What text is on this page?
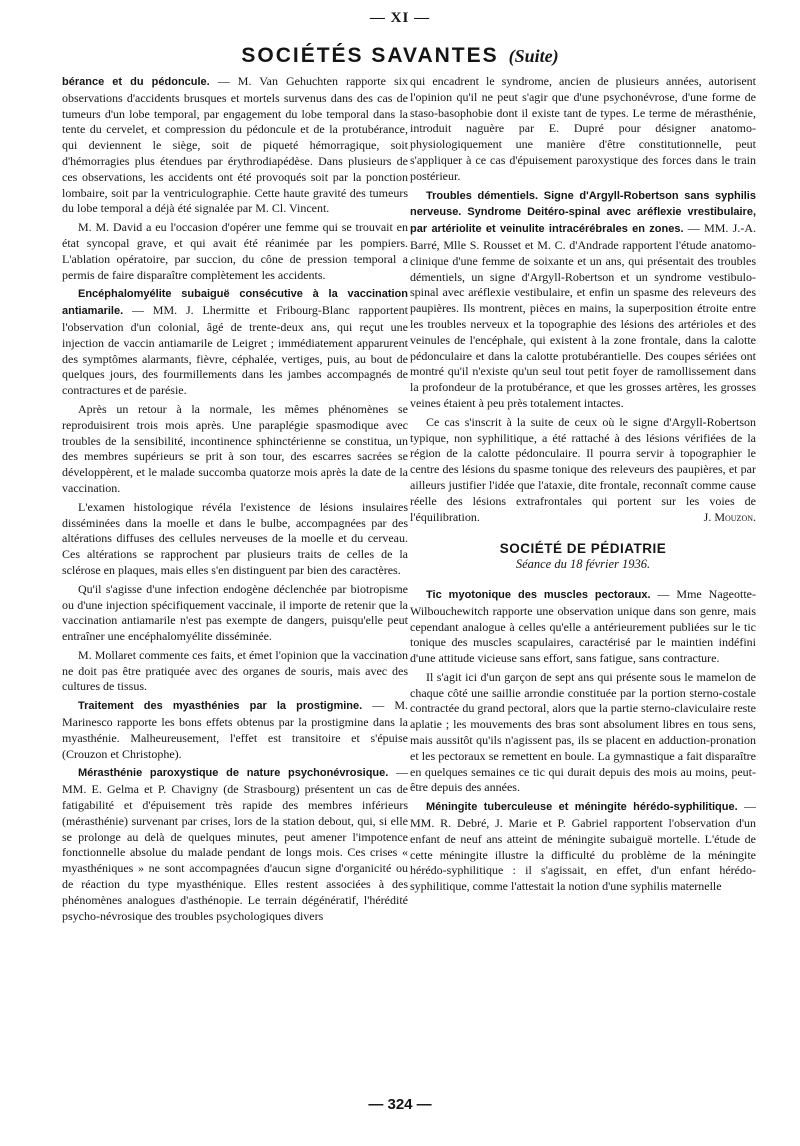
— XI —
SOCIÉTÉS SAVANTES (Suite)

bérance et du pédoncule. — M. Van Gehuchten rapporte six observations d'accidents brusques et mortels survenus dans des cas de tumeurs d'un lobe temporal, par engagement du lobe temporal dans la tente du cervelet, et compression du pédoncule et de la protubérance, qui deviennent le siège, soit de piqueté hémorragique, soit d'hémorragies plus étendues par érythrodiapédèse. Dans plusieurs de ces observations, les accidents ont été provoqués soit par la ponction lombaire, soit par la ventriculographie. Cette haute gravité des tumeurs du lobe temporal a déjà été signalée par M. Cl. Vincent.

M. M. David a eu l'occasion d'opérer une femme qui se trouvait en état syncopal grave, et qui avait été réanimée par les pompiers. L'ablation opératoire, par succion, du cône de pression temporal a permis de faire disparaître complètement les accidents.

Encéphalomyélite subaiguë consécutive à la vaccination antiamarile. — MM. J. Lhermitte et Fribourg-Blanc rapportent l'observation d'un colonial, âgé de trente-deux ans, qui reçut une injection de vaccin antiamarile de Leigret ; immédiatement apparurent des symptômes alarmants, fièvre, céphalée, vertiges, puis, au bout de quelques jours, des fourmillements dans les jambes accompagnés de contractures et de parésie.

Après un retour à la normale, les mêmes phénomènes se reproduisirent trois mois après. Une paraplégie spasmodique avec troubles de la sensibilité, incontinence sphinctérienne se constitua, un des membres supérieurs se prit à son tour, des escarres sacrées se développèrent, et le malade succomba quatorze mois après la date de la vaccination.

L'examen histologique révéla l'existence de lésions insulaires disséminées dans la moelle et dans le bulbe, accompagnées par des altérations diffuses des cellules nerveuses de la moelle et du cerveau. Ces altérations se rapprochent par plusieurs traits de celles de la sclérose en plaques, mais elles s'en distinguent par bien des caractères.

Qu'il s'agisse d'une infection endogène déclenchée par biotropisme ou d'une injection spécifiquement vaccinale, il importe de retenir que la vaccination antiamarile n'est pas exempte de dangers, puisqu'elle peut entraîner une encéphalomyélite disséminée.

M. Mollaret commente ces faits, et émet l'opinion que la vaccination ne doit pas être pratiquée avec des organes de souris, mais avec des cultures de tissus.

Traitement des myasthénies par la prostigmine. — M. Marinesco rapporte les bons effets obtenus par la prostigmine dans la myasthénie. Malheureusement, l'effet est transitoire et s'épuise (Crouzon et Christophe).

Mérasthénie paroxystique de nature psychonévrosique. — MM. E. Gelma et P. Chavigny (de Strasbourg) présentent un cas de fatigabilité et d'épuisement très rapide des membres inférieurs (mérasthénie) survenant par crises, lors de la station debout, qui, si elle se prolonge au delà de quelques minutes, peut amener l'impotence fonctionnelle absolue du malade pendant de longs mois. Ces crises « myasthéniques » ne sont accompagnées d'aucun signe d'organicité ou de réaction du type myasthénique. Elles restent associées à des phénomènes analogues d'asthénopie. Le terrain dégénératif, l'hérédité psycho-névrosique des troubles psychologiques divers

qui encadrent le syndrome, ancien de plusieurs années, autorisent l'opinion qu'il ne peut s'agir que d'une psychonévrose, d'une forme de staso-basophobie dont il existe tant de types. Le terme de mérasthénie, introduit naguère par E. Dupré pour désigner anatomo-physiologiquement une manière d'être constitutionnelle, peut s'appliquer à ce cas d'épuisement paroxystique des forces dans le train postérieur.

Troubles démentiels. Signe d'Argyll-Robertson sans syphilis nerveuse. Syndrome Deitéro-spinal avec aréflexie vrestibulaire, par artériolite et veinulite intracérébrales en zones. — MM. J.-A. Barré, Mlle S. Rousset et M. C. d'Andrade rapportent l'étude anatomo-clinique d'une femme de soixante et un ans, qui présentait des troubles démentiels, un signe d'Argyll-Robertson et un syndrome vestibulo-spinal avec aréflexie vestibulaire, et enfin un spasme des releveurs des paupières. Ils montrent, pièces en mains, la superposition étroite entre les troubles nerveux et la topographie des lésions des artérioles et des veinules de l'encéphale, qui existent à la zone frontale, dans la calotte pédonculaire et dans la calotte protubérantielle. Des coupes sériées ont montré qu'il n'existe qu'un seul tout petit foyer de ramollissement dans la profondeur de la protubérance, et que les grosses artères, les grosses veines étaient à peu près totalement intactes.

Ce cas s'inscrit à la suite de ceux où le signe d'Argyll-Robertson typique, non syphilitique, a été rattaché à des lésions vérifiées de la région de la calotte pédonculaire. Il pourra servir à topographier le centre des lésions du spasme tonique des releveurs des paupières, et par ailleurs justifier l'idée que l'ataxie, dite frontale, reconnaît comme cause réelle des lésions extrafrontales qui portent sur les voies de l'équilibration.	J. Mouzon.

SOCIÉTÉ DE PÉDIATRIE
Séance du 18 février 1936.

Tic myotonique des muscles pectoraux. — Mme Nageotte-Wilbouchewitch rapporte une observation unique dans son genre, mais cependant analogue à celles qu'elle a antérieurement publiées sur le tic tonique des muscles scapulaires, caractérisé par le maintien indéfini d'une attitude vicieuse sans effort, sans fatigue, sans contracture.

Il s'agit ici d'un garçon de sept ans qui présente sous le mamelon de chaque côté une saillie arrondie constituée par la portion sterno-costale contractée du grand pectoral, alors que la partie sterno-claviculaire reste aplatie ; les mouvements des bras sont absolument libres en tous sens, mais aussitôt qu'ils n'agissent pas, ils se placent en adduction-pronation et les pectoraux se remettent en boule. La gymnastique a fait disparaître en quelques semaines ce tic qui durait depuis des mois au moins, peut-être depuis des années.

Méningite tuberculeuse et méningite hérédo-syphilitique. — MM. R. Debré, J. Marie et P. Gabriel rapportent l'observation d'un enfant de neuf ans atteint de méningite subaiguë mortelle. L'étude de cette méningite illustre la difficulté du problème de la méningite hérédo-syphilitique : il s'agissait, en effet, d'un enfant hérédo-syphilitique, comme l'attestait la notion d'une syphilis maternelle

— 324 —
